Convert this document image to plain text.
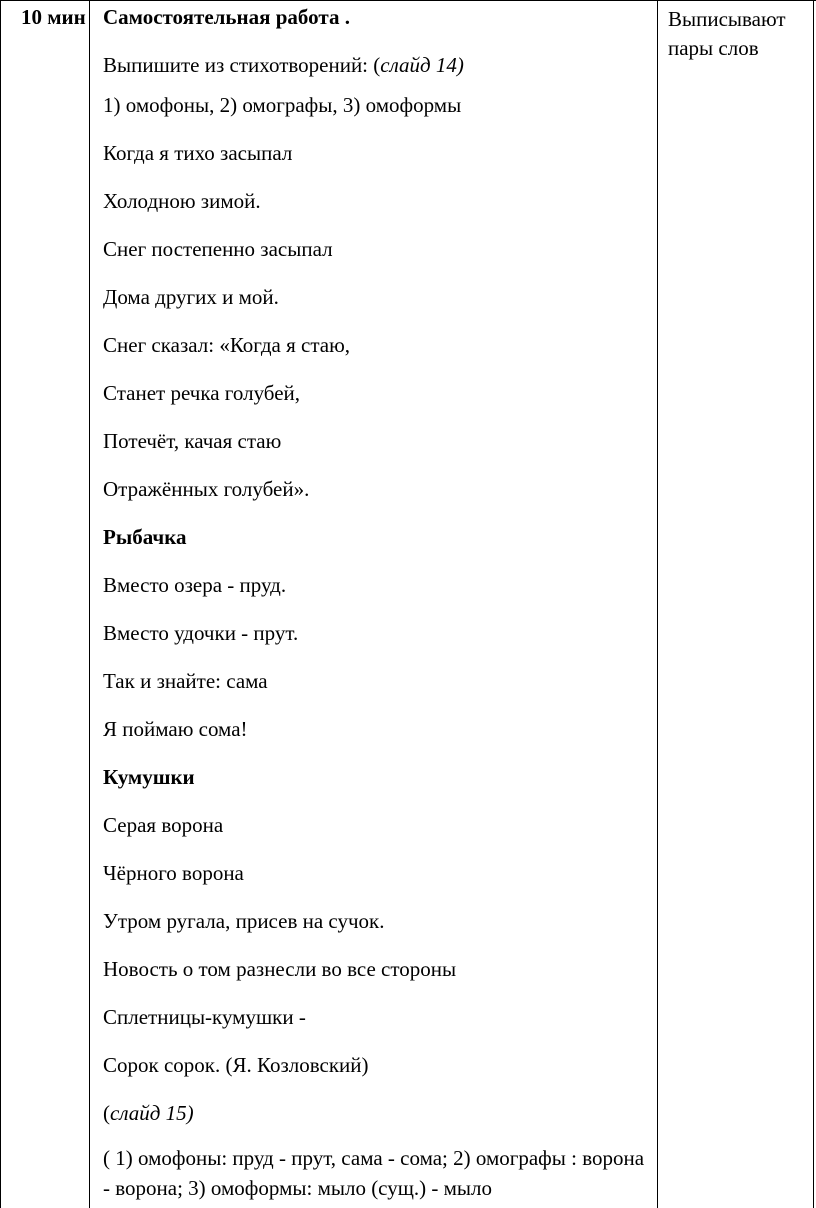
10 мин Самостоятельная работа .
Выпишите из стихотворений: (слайд 14)
1) омофоны, 2) омографы, 3) омоформы
Когда я тихо засыпал
Холодною зимой.
Снег постепенно засыпал
Дома других и мой.
Снег сказал: «Когда я стаю,
Станет речка голубей,
Потечёт, качая стаю
Отражённых голубей».
Рыбачка
Вместо озера - пруд.
Вместо удочки - прут.
Так и знайте: сама
Я поймаю сома!
Кумушки
Серая ворона
Чёрного ворона
Утром ругала, присев на сучок.
Новость о том разнесли во все стороны
Сплетницы-кумушки -
Сорок сорок. (Я. Козловский)
(слайд 15)
( 1) омофоны: пруд - прут, сама - сома; 2) омографы : ворона - ворона; 3) омоформы: мыло (сущ.) - мыло
Выписывают пары слов
